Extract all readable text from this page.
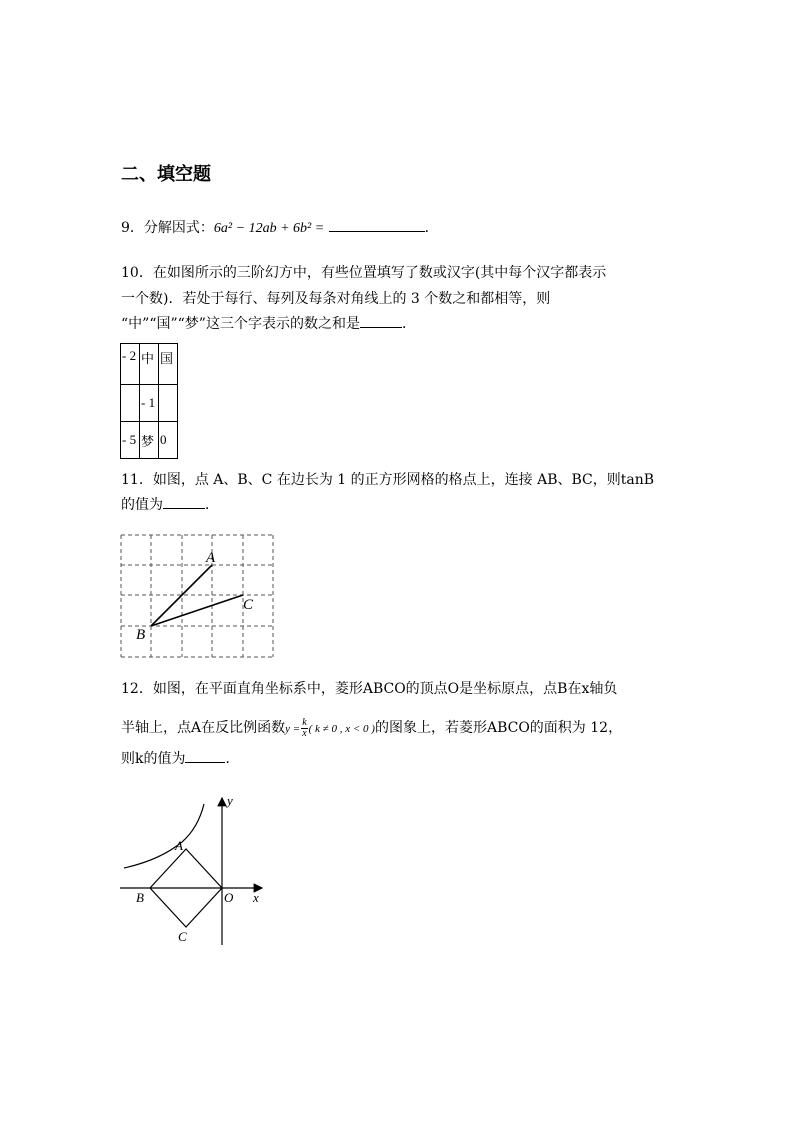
二、填空题
9．分解因式：6a² − 12ab + 6b² =	．
10．在如图所示的三阶幻方中，有些位置填写了数或汉字(其中每个汉字都表示
一个数)．若处于每行、每列及每条对角线上的 3 个数之和都相等，则
“中”“国”“梦”这三个字表示的数之和是	．
- 2	中	国
	- 1	
- 5	梦	0
11．如图，点 A、B、C 在边长为 1 的正方形网格的格点上，连接 AB、BC，则tanB
的值为	．
A
B
C
12．如图，在平面直角坐标系中，菱形ABCO的顶点O是坐标原点，点B在x轴负
半轴上，点A在反比例函数$y = \frac{k}{x}$ ( k ≠ 0 , x < 0 )的图象上，若菱形ABCO的面积为 12，
则k的值为	．
y
x
O
A
B
C
